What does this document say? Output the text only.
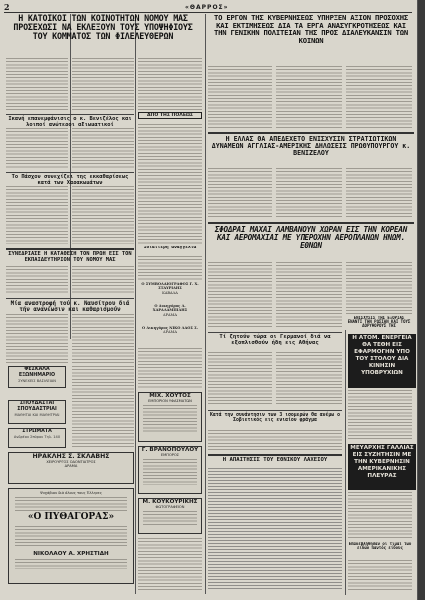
2	«ΘΑΡΡΟΣ»
Η ΚΑΤΟΙΚΟΙ ΤΩΝ ΚΟΙΝΟΤΗΤΩΝ ΝΟΜΟΥ ΜΑΣ ΠΡΟΣΕΧΩΣΙ ΝΑ ΕΚΛΕΞΟΥΝ ΤΟΥΣ ΥΠΟΨΗΦΙΟΥΣ ΤΟΥ ΚΟΜΜΑΤΟΣ ΤΩΝ ΦΙΛΕΛΕΥΘΕΡΩΝ
Ικανή επανεμφάνισις ο κ. Βενιζέλος και λοιποί ανώτεροι αξιωματικοί
Το Πάσχον συνεχίζει της εκκαθαρίσεως κατά των Χαρακωμάτων
ΣΥΝΕΔΡΙΑΣΕ Η ΚΑΤΑΘΕΣΗ ΤΟΝ ΠΡΩΗ ΕΙΣ ΤΟΝ ΕΚΠΑΙΔΕΥΤΗΡΙΟΝ ΤΟΥ ΝΟΜΟΥ ΜΑΣ
Μία αναστροφή τού κ. Ναυσίτρου διά τήν ανανέωσιν και καθαρισμούν
ΦΕΣΚΑΛΑ ΕΞΩΝΗΜΑΡΙΟ
ΣΥΝΕΧΕΙΣ ΒΑΣΙΛΕΙΑΝ
ΣΠΟΥΔΑΣΤΑΙ ΣΠΟΥΔΑΣΤΡΙΑΙ
ΜΑΘΗΤΑΙ ΚΑΙ ΜΑΘΗΤΡΙΑΙ
ΣΤΡΩΜΑΤΑ
Ανδρέου Σπύρου Τηλ. 140
ΗΡΑΚΛΗΣ Σ. ΣΚΛΑΒΗΣ
ΧΕΙΡΟΥΡΓΟΣ ΟΔΟΝΤΙΑΤΡΟΣ
ΔΡΑΜΑ
Ψυχάβιον διά όλους τους Έλληνες
«Ο ΠΥΘΑΓΟΡΑΣ»
ΝΙΚΟΛΑΟΥ Α. ΧΡΗΣΤΙΔΗ
ΑΠΟ ΤΗΣ ΠΟΛΕΩΣ
Ιδιαίτερη αναγγελία
Ο ΣΥΜΒΟΛΑΙΟΓΡΑΦΟΣ Γ. Χ. ΣΤΑΥΡΙΔΗΣ
ΚΑΒΑΛΑ
Ο Δικηγόρος Λ. ΧΑΡΑΛΑΜΠΙΔΗΣ
ΔΡΑΜΑ
Ο Δικηγόρος ΝΙΚΟ ΛΑΟΣ Σ.
ΔΡΑΜΑ
ΜΙΧ. ΧΟΥΤΟΣ
ΕΜΠΟΡΙΟΝ ΥΦΑΣΜΑΤΩΝ
Γ. ΒΡΑΝΟΠΟΥΛΟΥ
ΕΜΠΟΡΟΣ
Μ. ΚΟΥΚΟΥΡΙΚΗΣ
ΦΩΤΟΓΡΑΦΕΙΟΝ
ΤΟ ΕΡΓΟΝ ΤΗΣ ΚΥΒΕΡΝΗΣΕΩΣ ΥΠΗΡΞΕΝ ΑΞΙΟΝ ΠΡΟΣΟΧΗΣ ΚΑΙ ΕΚΤΙΜΗΣΕΩΣ ΔΙΑ ΤΑ ΕΡΓΑ ΑΝΑΣΥΓΚΡΟΤΗΣΕΩΣ ΚΑΙ ΤΗΝ ΓΕΝΙΚΗΝ ΠΟΛΙΤΕΙΑΝ ΤΗΣ ΠΡΟΣ ΔΙΑΛΕΥΚΑΝΣΙΝ ΤΩΝ ΚΟΙΝΩΝ
Η ΕΛΛΑΣ ΘΑ ΑΠΕΔΕΧΕΤΟ ΕΝΙΣΧΥΣΙΝ ΣΤΡΑΤΙΩΤΙΚΩΝ ΔΥΝΑΜΕΩΝ ΑΓΓΛΙΑΣ-ΑΜΕΡΙΚΗΣ ΔΗΛΩΣΕΙΣ ΠΡΩΘΥΠΟΥΡΓΟΥ κ. ΒΕΝΙΖΕΛΟΥ
ΣΦΟΔΡΑΙ ΜΑΧΑΙ ΛΑΜΒΑΝΟΥΝ ΧΩΡΑΝ ΕΙΣ ΤΗΝ ΚΟΡΕΑΝ ΚΑΙ ΑΕΡΟΜΑΧΙΑΙ ΜΕ ΥΠΕΡΟΧΗΝ ΑΕΡΟΠΛΑΝΩΝ ΗΝΩΜ. ΕΘΝΩΝ
ΕΝΙΣΧΥΣΙΣ ΤΗΣ ΕΞΟΡΙΑΣ ΕΝΑΝΤΙ ΤΗΝ ΡΩΣΙΑΝ ΚΑΙ ΤΟΥΣ ΔΟΡΥΦΟΡΟΥΣ ΤΗΣ
Τί ζητούν τώρα οι Γερμανοί διά να εξοπλισθούν ήδη εις Αθήνας
Κατά την συνάντησιν των 3 ισομερών θα ανέμω ο Σοβιετικός εις ενιαίον φράγμα
Η ΑΠΑΙΤΗΣΙΣ ΤΟΥ ΕΘΝΙΚΟΥ ΛΑΧΕΙΟΥ
Η ΑΤΟΜ. ΕΝΕΡΓΕΙΑ ΘΑ ΤΕΘΗ ΕΙΣ ΕΦΑΡΜΟΓΗΝ ΥΠΟ ΤΟΥ ΣΤΟΛΟΥ ΔΙΑ ΚΙΝΗΣΙΝ ΥΠΟΒΡΥΧΙΩΝ
ΜΕΥΑΡΧΗΣ ΓΑΛΛΙΑΣ ΕΙΣ ΣΥΖΗΤΗΣΙΝ ΜΕ ΤΗΝ ΚΥΒΕΡΝΗΣΙΝ ΑΜΕΡΙΚΑΝΙΚΗΣ ΠΛΕΥΡΑΣ
Επανεβλήθησαν οι τιμαί των ειδών παντός είδους
